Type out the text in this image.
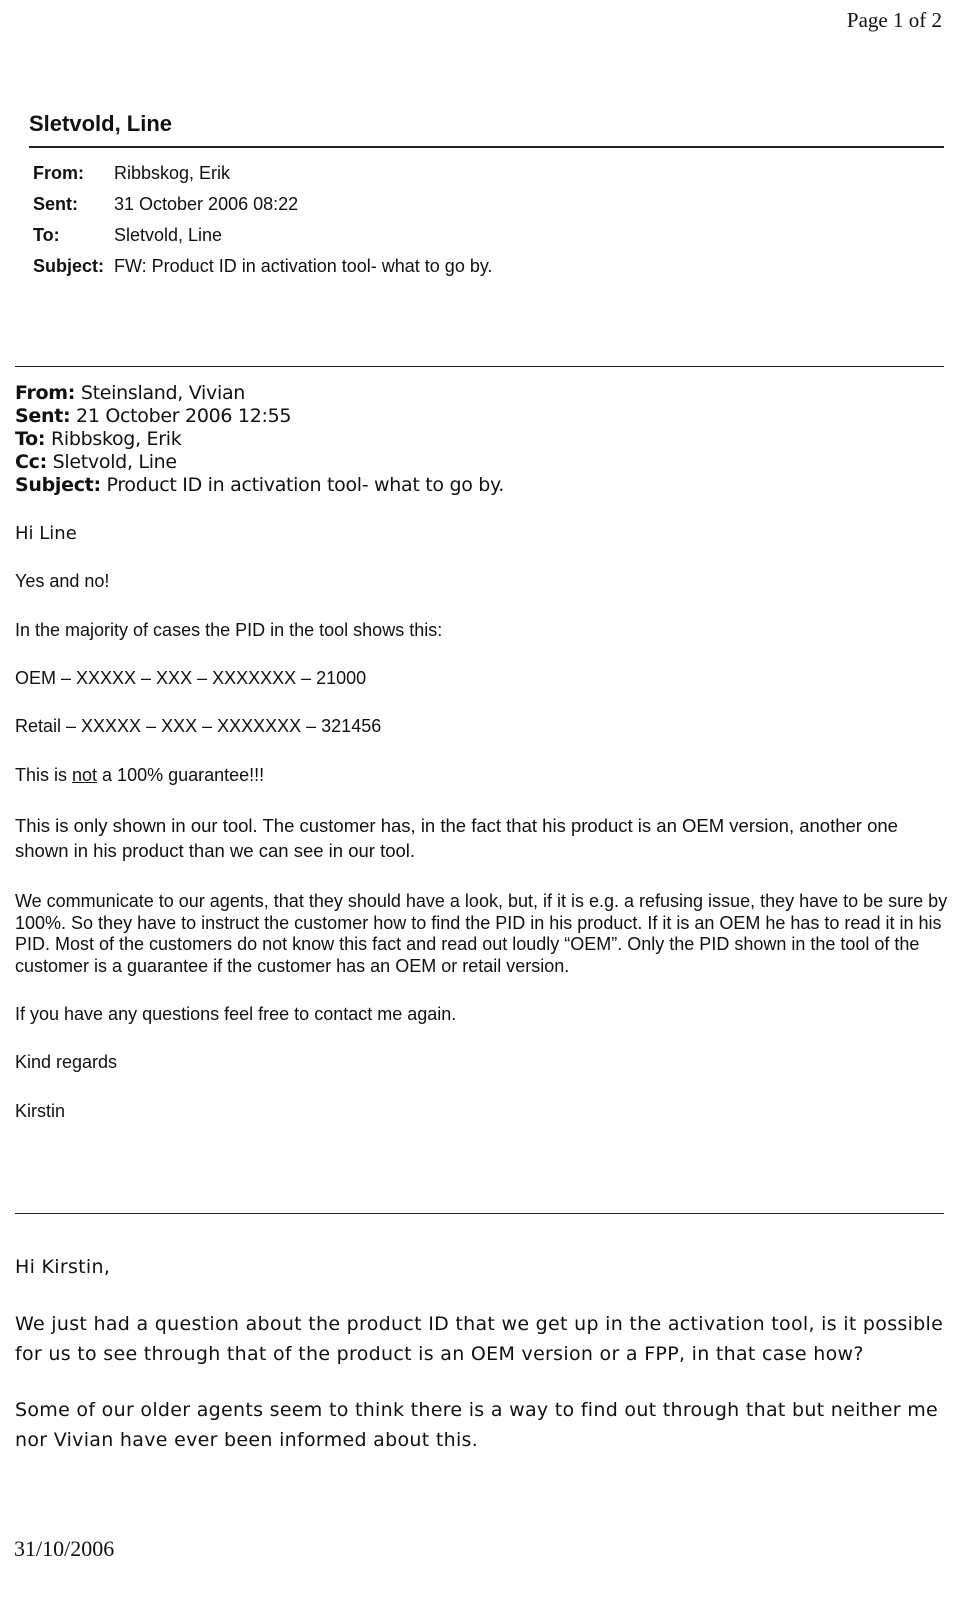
Page 1 of 2
Sletvold, Line
From: Ribbskog, Erik
Sent: 31 October 2006 08:22
To:	Sletvold, Line
Subject: FW: Product ID in activation tool- what to go by.
From: Steinsland, Vivian
Sent: 21 October 2006 12:55
To: Ribbskog, Erik
Cc: Sletvold, Line
Subject: Product ID in activation tool- what to go by.
Hi Line
Yes and no!
In the majority of cases the PID in the tool shows this:
OEM – XXXXX – XXX – XXXXXXX – 21000
Retail – XXXXX – XXX – XXXXXXX – 321456
This is not a 100% guarantee!!!
This is only shown in our tool. The customer has, in the fact that his product is an OEM version, another one shown in his product than we can see in our tool.
We communicate to our agents, that they should have a look, but, if it is e.g. a refusing issue, they have to be sure by 100%. So they have to instruct the customer how to find the PID in his product. If it is an OEM he has to read it in his PID. Most of the customers do not know this fact and read out loudly “OEM”. Only the PID shown in the tool of the customer is a guarantee if the customer has an OEM or retail version.
If you have any questions feel free to contact me again.
Kind regards
Kirstin
Hi Kirstin,
We just had a question about the product ID that we get up in the activation tool, is it possible for us to see through that of the product is an OEM version or a FPP, in that case how?
Some of our older agents seem to think there is a way to find out through that but neither me nor Vivian have ever been informed about this.
31/10/2006
